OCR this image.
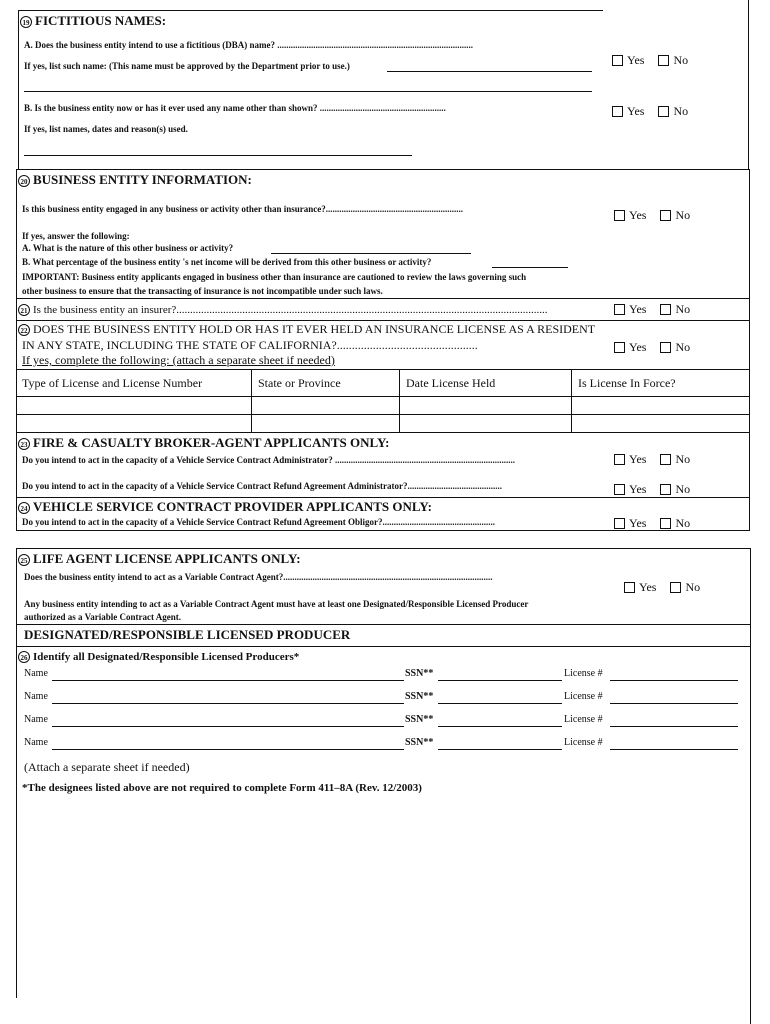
19 FICTITIOUS NAMES:
A. Does the business entity intend to use a fictitious (DBA) name? .......................................................................................
If yes, list such name: (This name must be approved by the Department prior to use.)	Yes No
B. Is the business entity now or has it ever used any name other than shown? ........................................................
If yes, list names, dates and reason(s) used.
Yes No
20 BUSINESS ENTITY INFORMATION:
Is this business entity engaged in any business or activity other than insurance?.............................................................	Yes No
If yes, answer the following:
A. What is the nature of this other business or activity?
B. What percentage of the business entity 's net income will be derived from this other business or activity?
IMPORTANT: Business entity applicants engaged in business other than insurance are cautioned to review the laws governing such
other business to ensure that the transacting of insurance is not incompatible under such laws.
21 Is the business entity an insurer?.......................................................................................................................................	Yes No
22 DOES THE BUSINESS ENTITY HOLD OR HAS IT EVER HELD AN INSURANCE LICENSE AS A RESIDENT
IN ANY STATE, INCLUDING THE STATE OF CALIFORNIA?...............................................
If yes, complete the following: (attach a separate sheet if needed)
Yes No
Type of License and License Number	State or Province	Date License Held	Is License In Force?
23 FIRE & CASUALTY BROKER-AGENT APPLICANTS ONLY:
Do you intend to act in the capacity of a Vehicle Service Contract Administrator? ................................................................................	Yes No
Do you intend to act in the capacity of a Vehicle Service Contract Refund Agreement Administrator?..........................................	Yes No
24 VEHICLE SERVICE CONTRACT PROVIDER APPLICANTS ONLY:
Do you intend to act in the capacity of a Vehicle Service Contract Refund Agreement Obligor?..................................................	Yes No
25 LIFE AGENT LICENSE APPLICANTS ONLY:
Does the business entity intend to act as a Variable Contract Agent?.............................................................................................
Yes No
Any business entity intending to act as a Variable Contract Agent must have at least one Designated/Responsible Licensed Producer
authorized as a Variable Contract Agent.
DESIGNATED/RESPONSIBLE LICENSED PRODUCER
26 Identify all Designated/Responsible Licensed Producers*
Name	SSN**	License #
Name	SSN**	License #
Name	SSN**	License #
Name	SSN**	License #
(Attach a separate sheet if needed)
*The designees listed above are not required to complete Form 411–8A (Rev. 12/2003)
